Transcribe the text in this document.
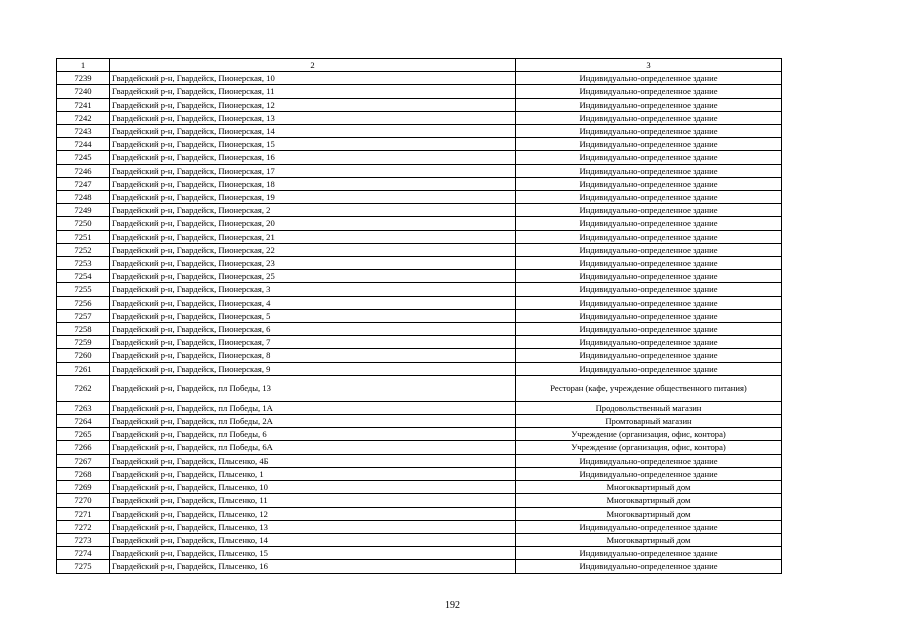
1	2	3
7239	Гвардейский р-н, Гвардейск, Пионерская, 10	Индивидуально-определенное здание
7240	Гвардейский р-н, Гвардейск, Пионерская, 11	Индивидуально-определенное здание
7241	Гвардейский р-н, Гвардейск, Пионерская, 12	Индивидуально-определенное здание
7242	Гвардейский р-н, Гвардейск, Пионерская, 13	Индивидуально-определенное здание
7243	Гвардейский р-н, Гвардейск, Пионерская, 14	Индивидуально-определенное здание
7244	Гвардейский р-н, Гвардейск, Пионерская, 15	Индивидуально-определенное здание
7245	Гвардейский р-н, Гвардейск, Пионерская, 16	Индивидуально-определенное здание
7246	Гвардейский р-н, Гвардейск, Пионерская, 17	Индивидуально-определенное здание
7247	Гвардейский р-н, Гвардейск, Пионерская, 18	Индивидуально-определенное здание
7248	Гвардейский р-н, Гвардейск, Пионерская, 19	Индивидуально-определенное здание
7249	Гвардейский р-н, Гвардейск, Пионерская, 2	Индивидуально-определенное здание
7250	Гвардейский р-н, Гвардейск, Пионерская, 20	Индивидуально-определенное здание
7251	Гвардейский р-н, Гвардейск, Пионерская, 21	Индивидуально-определенное здание
7252	Гвардейский р-н, Гвардейск, Пионерская, 22	Индивидуально-определенное здание
7253	Гвардейский р-н, Гвардейск, Пионерская, 23	Индивидуально-определенное здание
7254	Гвардейский р-н, Гвардейск, Пионерская, 25	Индивидуально-определенное здание
7255	Гвардейский р-н, Гвардейск, Пионерская, 3	Индивидуально-определенное здание
7256	Гвардейский р-н, Гвардейск, Пионерская, 4	Индивидуально-определенное здание
7257	Гвардейский р-н, Гвардейск, Пионерская, 5	Индивидуально-определенное здание
7258	Гвардейский р-н, Гвардейск, Пионерская, 6	Индивидуально-определенное здание
7259	Гвардейский р-н, Гвардейск, Пионерская, 7	Индивидуально-определенное здание
7260	Гвардейский р-н, Гвардейск, Пионерская, 8	Индивидуально-определенное здание
7261	Гвардейский р-н, Гвардейск, Пионерская, 9	Индивидуально-определенное здание
7262	Гвардейский р-н, Гвардейск, пл Победы, 13	Ресторан (кафе, учреждение общественного питания)
7263	Гвардейский р-н, Гвардейск, пл Победы, 1А	Продовольственный магазин
7264	Гвардейский р-н, Гвардейск, пл Победы, 2А	Промтоварный магазин
7265	Гвардейский р-н, Гвардейск, пл Победы, 6	Учреждение (организация, офис, контора)
7266	Гвардейский р-н, Гвардейск, пл Победы, 6А	Учреждение (организация, офис, контора)
7267	Гвардейский р-н, Гвардейск, Плысенко, 4Б	Индивидуально-определенное здание
7268	Гвардейский р-н, Гвардейск, Плысенко, 1	Индивидуально-определенное здание
7269	Гвардейский р-н, Гвардейск, Плысенко, 10	Многоквартирный дом
7270	Гвардейский р-н, Гвардейск, Плысенко, 11	Многоквартирный дом
7271	Гвардейский р-н, Гвардейск, Плысенко, 12	Многоквартирный дом
7272	Гвардейский р-н, Гвардейск, Плысенко, 13	Индивидуально-определенное здание
7273	Гвардейский р-н, Гвардейск, Плысенко, 14	Многоквартирный дом
7274	Гвардейский р-н, Гвардейск, Плысенко, 15	Индивидуально-определенное здание
7275	Гвардейский р-н, Гвардейск, Плысенко, 16	Индивидуально-определенное здание
192
